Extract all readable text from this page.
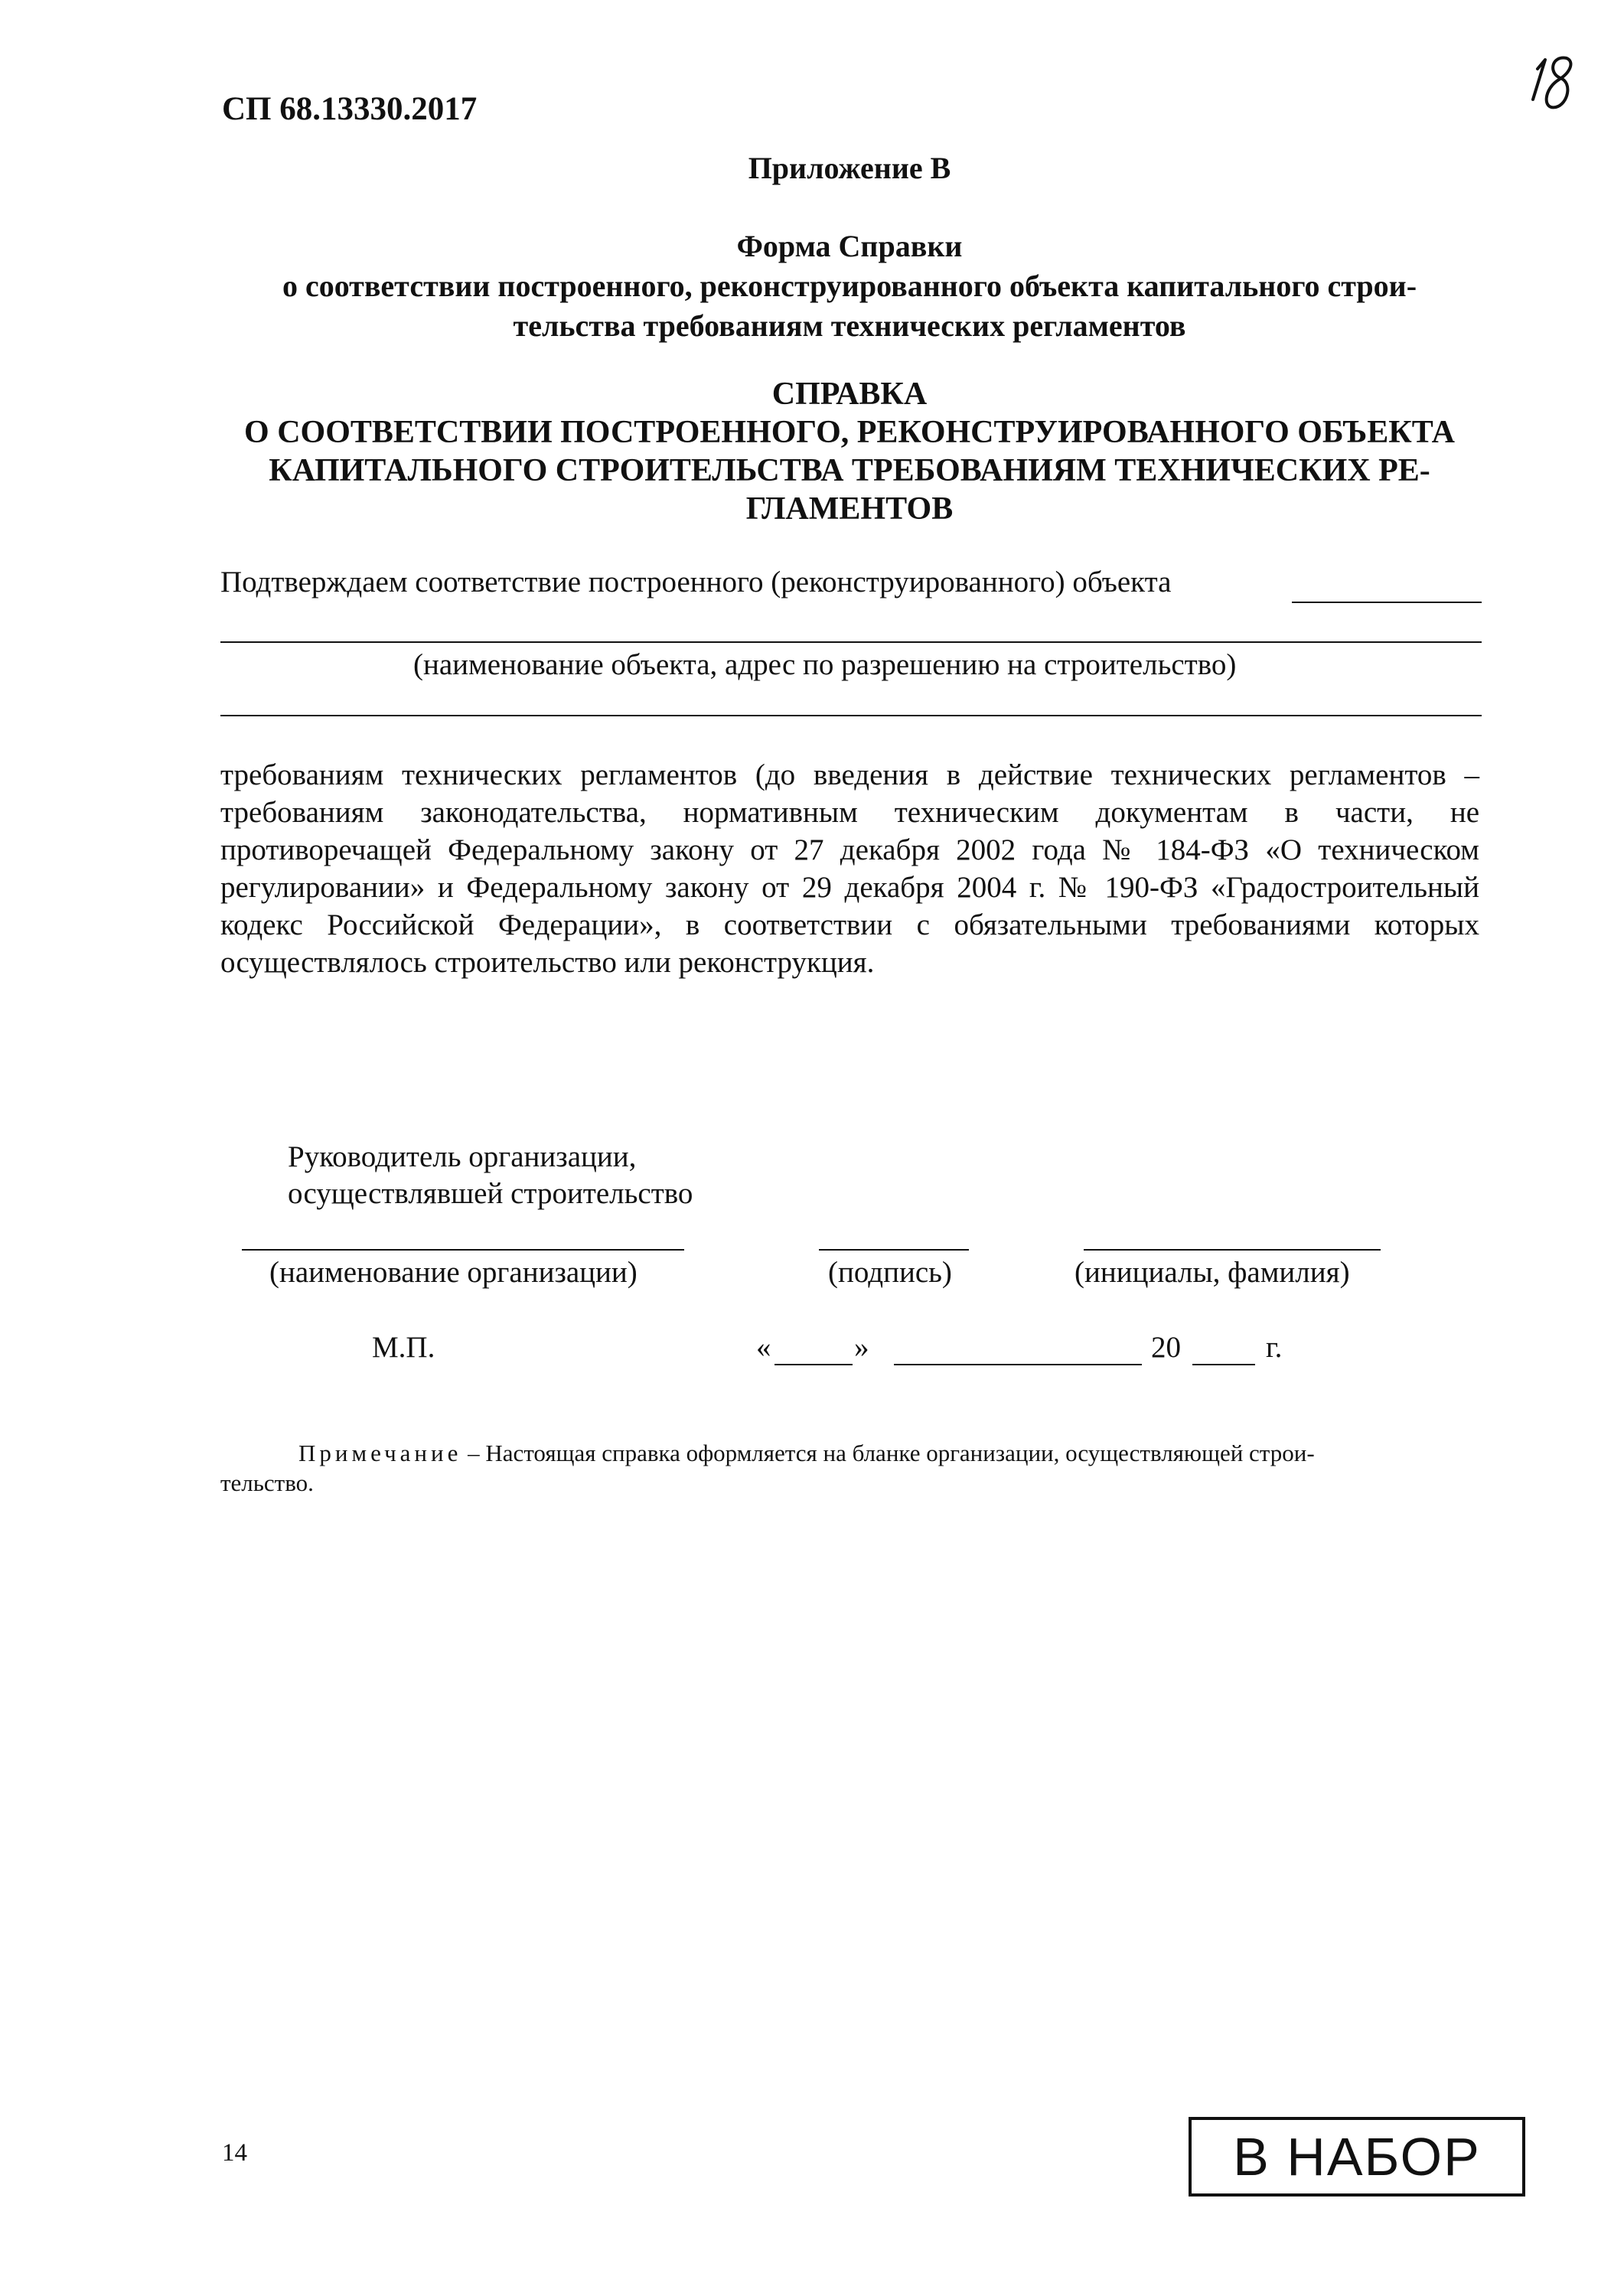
СП 68.13330.2017
Приложение В
Форма Справки
о соответствии построенного, реконструированного объекта капитального строи-
тельства требованиям технических регламентов
СПРАВКА
О СООТВЕТСТВИИ ПОСТРОЕННОГО, РЕКОНСТРУИРОВАННОГО ОБЪЕКТА
КАПИТАЛЬНОГО СТРОИТЕЛЬСТВА ТРЕБОВАНИЯМ ТЕХНИЧЕСКИХ РЕ-
ГЛАМЕНТОВ
Подтверждаем соответствие построенного (реконструированного) объекта
(наименование объекта, адрес по разрешению на строительство)
требованиям технических регламентов (до введения в действие технических регламентов – требованиям законодательства, нормативным техническим документам в части, не противоречащей Федеральному закону от 27 декабря 2002 года № 184-ФЗ «О техническом регулировании» и Федеральному закону от 29 декабря 2004 г. № 190-ФЗ «Градостроительный кодекс Российской Федерации», в соответствии с обязательными требованиями которых осуществлялось строительство или реконструкция.
Руководитель организации,
осуществлявшей строительство
(наименование организации)	(подпись)	(инициалы, фамилия)
М.П.	«	»	20	г.
Примечание – Настоящая справка оформляется на бланке организации, осуществляющей строи-
тельство.
14	В НАБОР
